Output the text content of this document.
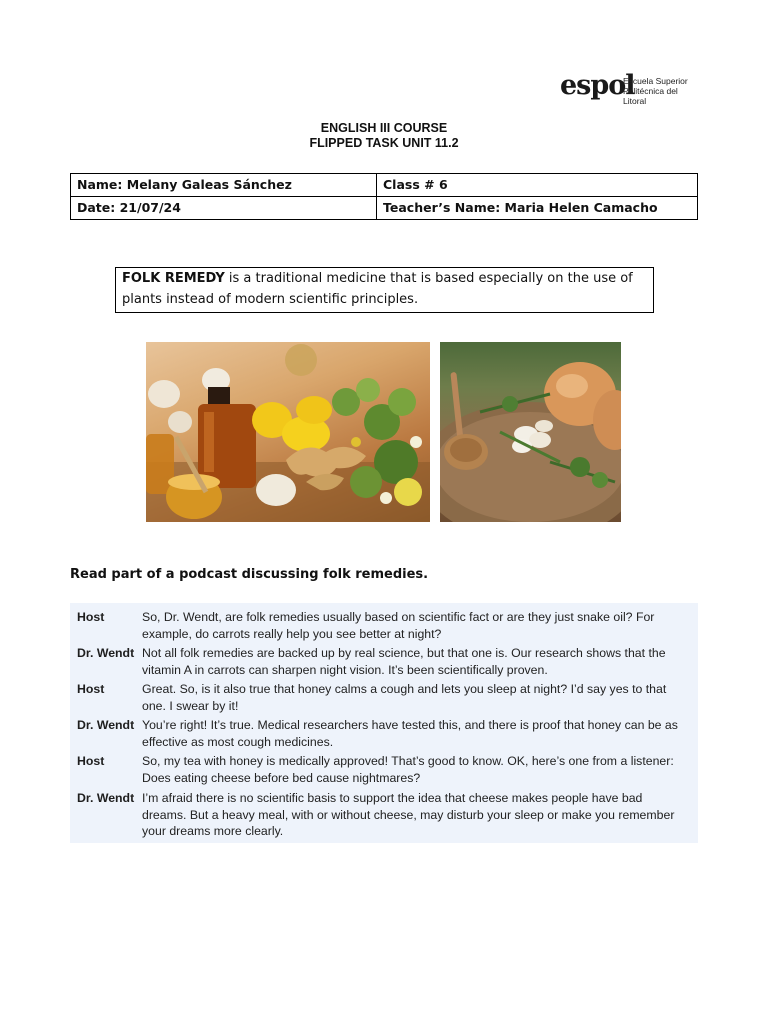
espol
Escuela Superior
Politécnica del Litoral
ENGLISH III COURSE
FLIPPED TASK UNIT 11.2
Name: Melany Galeas Sánchez	Class # 6
Date: 21/07/24	Teacher’s Name: Maria Helen Camacho
FOLK REMEDY is a traditional medicine that is based especially on the use of plants instead of modern scientific principles.
Read part of a podcast discussing folk remedies.
Host	So, Dr. Wendt, are folk remedies usually based on scientific fact or are they just snake oil? For example, do carrots really help you see better at night?
Dr. Wendt Not all folk remedies are backed up by real science, but that one is. Our research shows that the vitamin A in carrots can sharpen night vision. It’s been scientifically proven.
Host	Great. So, is it also true that honey calms a cough and lets you sleep at night? I’d say yes to that one. I swear by it!
Dr. Wendt You’re right! It’s true. Medical researchers have tested this, and there is proof that honey can be as effective as most cough medicines.
Host	So, my tea with honey is medically approved! That’s good to know. OK, here’s one from a listener: Does eating cheese before bed cause nightmares?
Dr. Wendt I’m afraid there is no scientific basis to support the idea that cheese makes people have bad dreams. But a heavy meal, with or without cheese, may disturb your sleep or make you remember your dreams more clearly.
